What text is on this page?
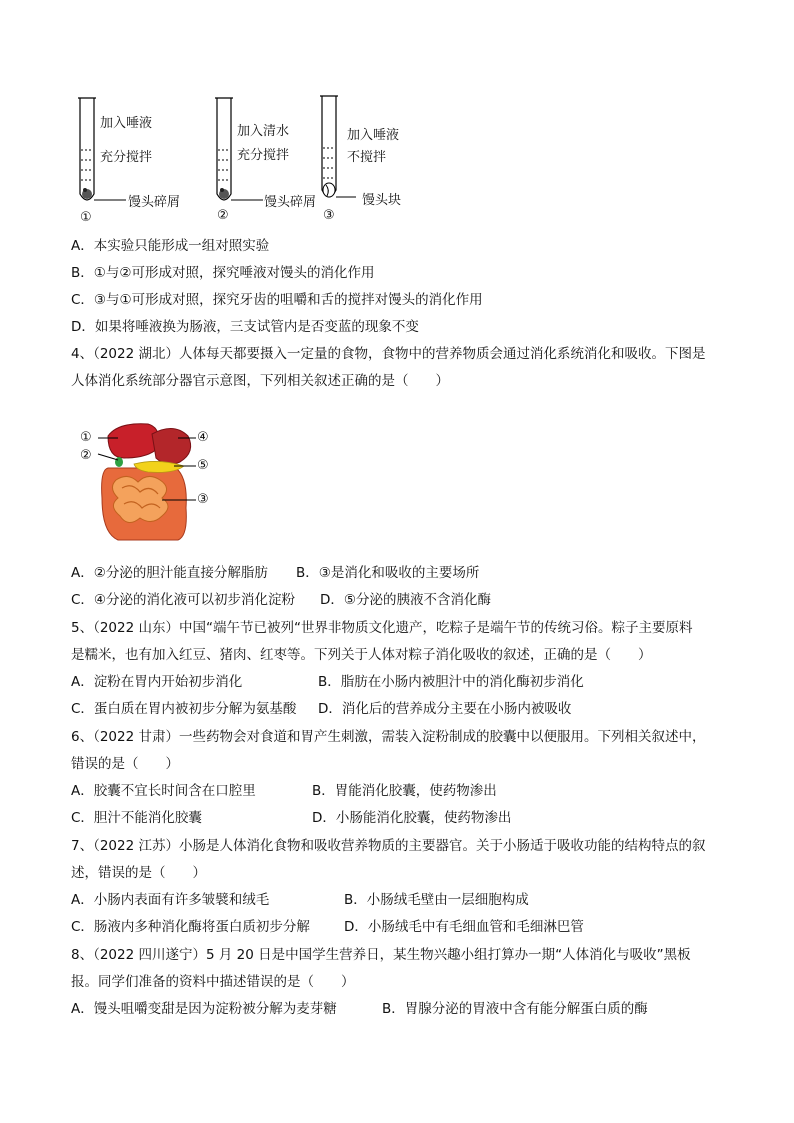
加入唾液
充分搅拌
馒头碎屑
①
加入清水
充分搅拌
馒头碎屑
②
加入唾液
不搅拌
馒头块
③
A．本实验只能形成一组对照实验
B．①与②可形成对照，探究唾液对馒头的消化作用
C．③与①可形成对照，探究牙齿的咀嚼和舌的搅拌对馒头的消化作用
D．如果将唾液换为肠液，三支试管内是否变蓝的现象不变
4、（2022 湖北）人体每天都要摄入一定量的食物，食物中的营养物质会通过消化系统消化和吸收。下图是
人体消化系统部分器官示意图，下列相关叙述正确的是（　　）
①
②
③
④
⑤
A．②分泌的胆汁能直接分解脂肪 B．③是消化和吸收的主要场所
C．④分泌的消化液可以初步消化淀粉 D．⑤分泌的胰液不含消化酶
5、（2022 山东）中国“端午节已被列“世界非物质文化遗产，吃粽子是端午节的传统习俗。粽子主要原料
是糯米，也有加入红豆、猪肉、红枣等。下列关于人体对粽子消化吸收的叙述，正确的是（　　）
A．淀粉在胃内开始初步消化	B．脂肪在小肠内被胆汁中的消化酶初步消化
C．蛋白质在胃内被初步分解为氨基酸 D．消化后的营养成分主要在小肠内被吸收
6、（2022 甘肃）一些药物会对食道和胃产生刺激，需装入淀粉制成的胶囊中以便服用。下列相关叙述中，
错误的是（　　）
A．胶囊不宜长时间含在口腔里	B．胃能消化胶囊，使药物渗出
C．胆汁不能消化胶囊	D．小肠能消化胶囊，使药物渗出
7、（2022 江苏）小肠是人体消化食物和吸收营养物质的主要器官。关于小肠适于吸收功能的结构特点的叙
述，错误的是（　　）
A．小肠内表面有许多皱襞和绒毛	B．小肠绒毛壁由一层细胞构成
C．肠液内多种消化酶将蛋白质初步分解	D．小肠绒毛中有毛细血管和毛细淋巴管
8、（2022 四川遂宁）5 月 20 日是中国学生营养日，某生物兴趣小组打算办一期“人体消化与吸收”黑板
报。同学们准备的资料中描述错误的是（　　）
A．馒头咀嚼变甜是因为淀粉被分解为麦芽糖	B．胃腺分泌的胃液中含有能分解蛋白质的酶
